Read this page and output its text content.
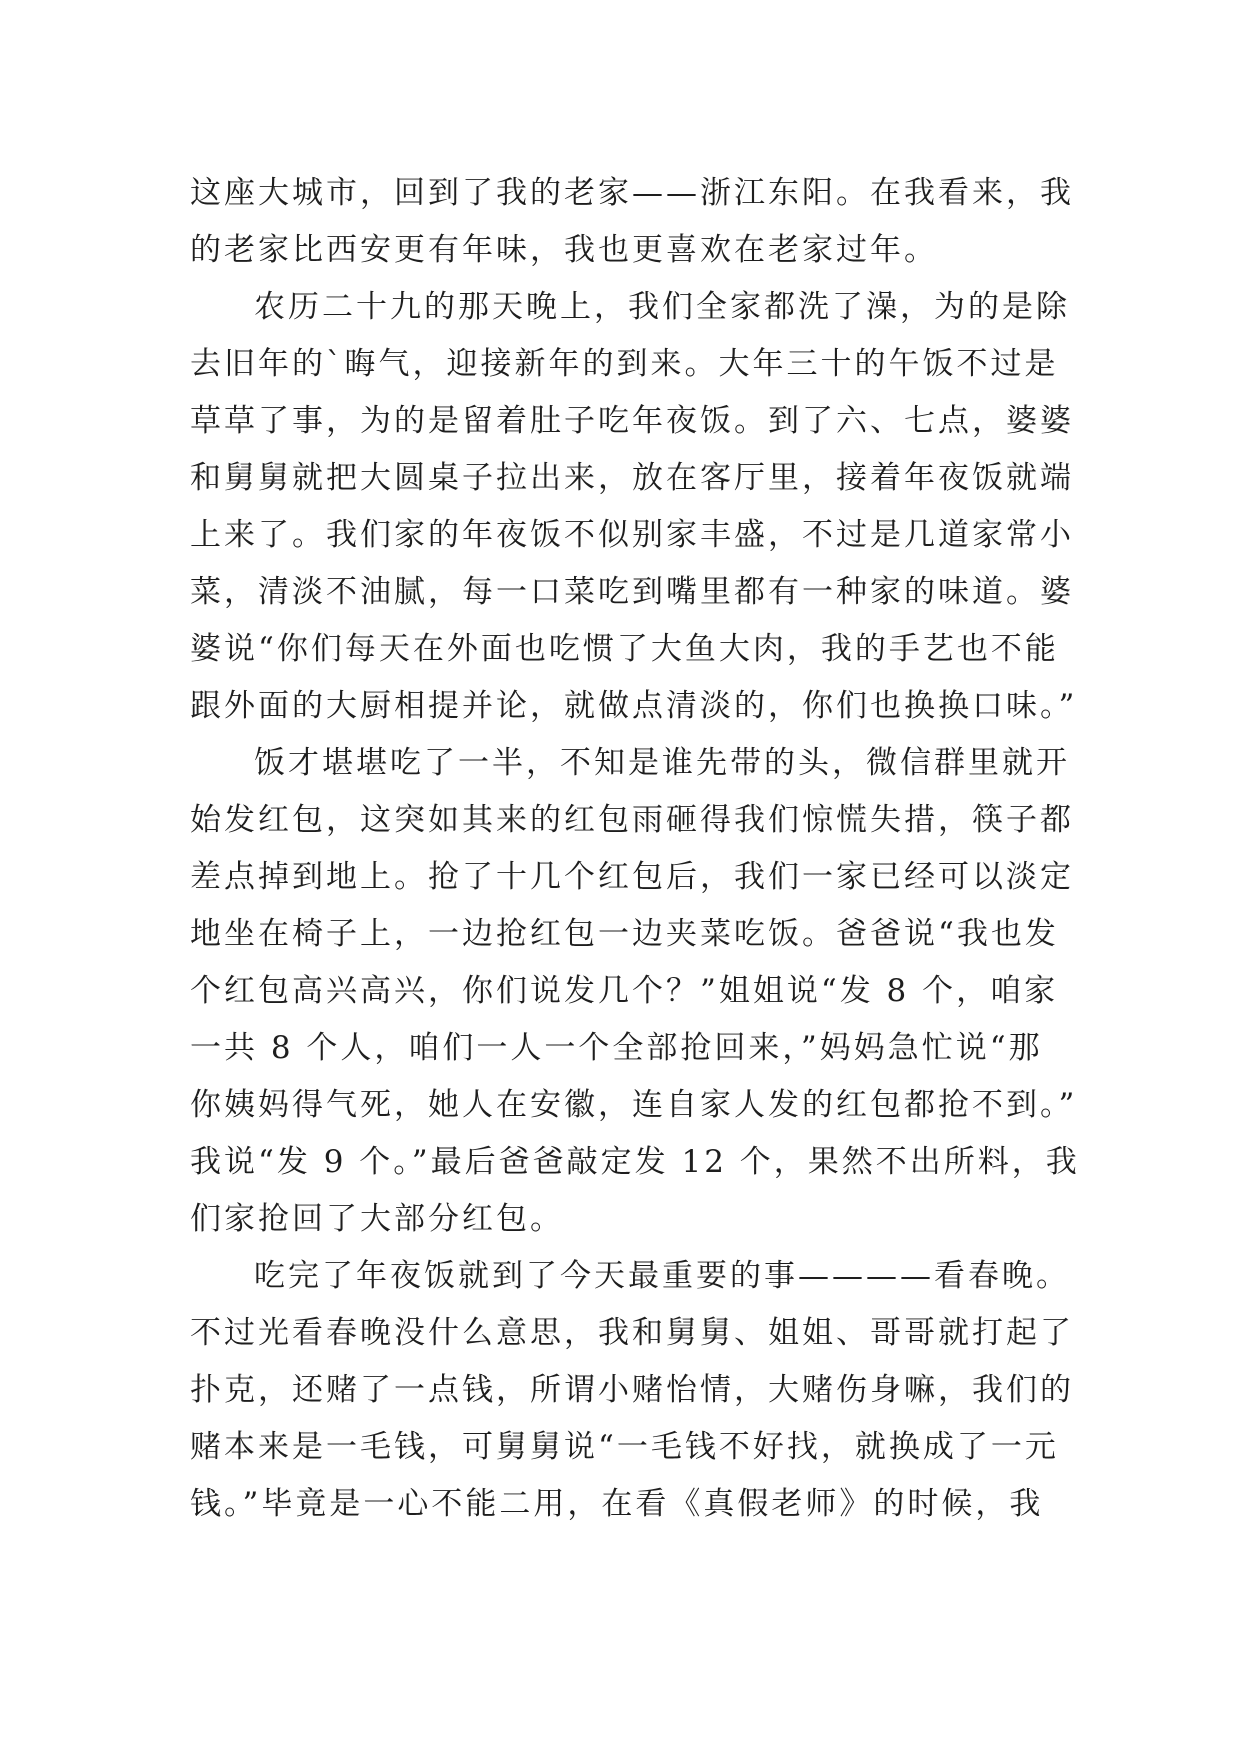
这座大城市，回到了我的老家——浙江东阳。在我看来，我
的老家比西安更有年味，我也更喜欢在老家过年。
农历二十九的那天晚上，我们全家都洗了澡，为的是除
去旧年的`晦气，迎接新年的到来。大年三十的午饭不过是
草草了事，为的是留着肚子吃年夜饭。到了六、七点，婆婆
和舅舅就把大圆桌子拉出来，放在客厅里，接着年夜饭就端
上来了。我们家的年夜饭不似别家丰盛，不过是几道家常小
菜，清淡不油腻，每一口菜吃到嘴里都有一种家的味道。婆
婆说“你们每天在外面也吃惯了大鱼大肉，我的手艺也不能
跟外面的大厨相提并论，就做点清淡的，你们也换换口味。”
饭才堪堪吃了一半，不知是谁先带的头，微信群里就开
始发红包，这突如其来的红包雨砸得我们惊慌失措，筷子都
差点掉到地上。抢了十几个红包后，我们一家已经可以淡定
地坐在椅子上，一边抢红包一边夹菜吃饭。爸爸说“我也发
个红包高兴高兴，你们说发几个？”姐姐说“发 8 个，咱家
一共 8 个人，咱们一人一个全部抢回来，”妈妈急忙说“那
你姨妈得气死，她人在安徽，连自家人发的红包都抢不到。”
我说“发 9 个。”最后爸爸敲定发 12 个，果然不出所料，我
们家抢回了大部分红包。
吃完了年夜饭就到了今天最重要的事————看春晚。
不过光看春晚没什么意思，我和舅舅、姐姐、哥哥就打起了
扑克，还赌了一点钱，所谓小赌怡情，大赌伤身嘛，我们的
赌本来是一毛钱，可舅舅说“一毛钱不好找，就换成了一元
钱。”毕竟是一心不能二用，在看《真假老师》的时候，我
